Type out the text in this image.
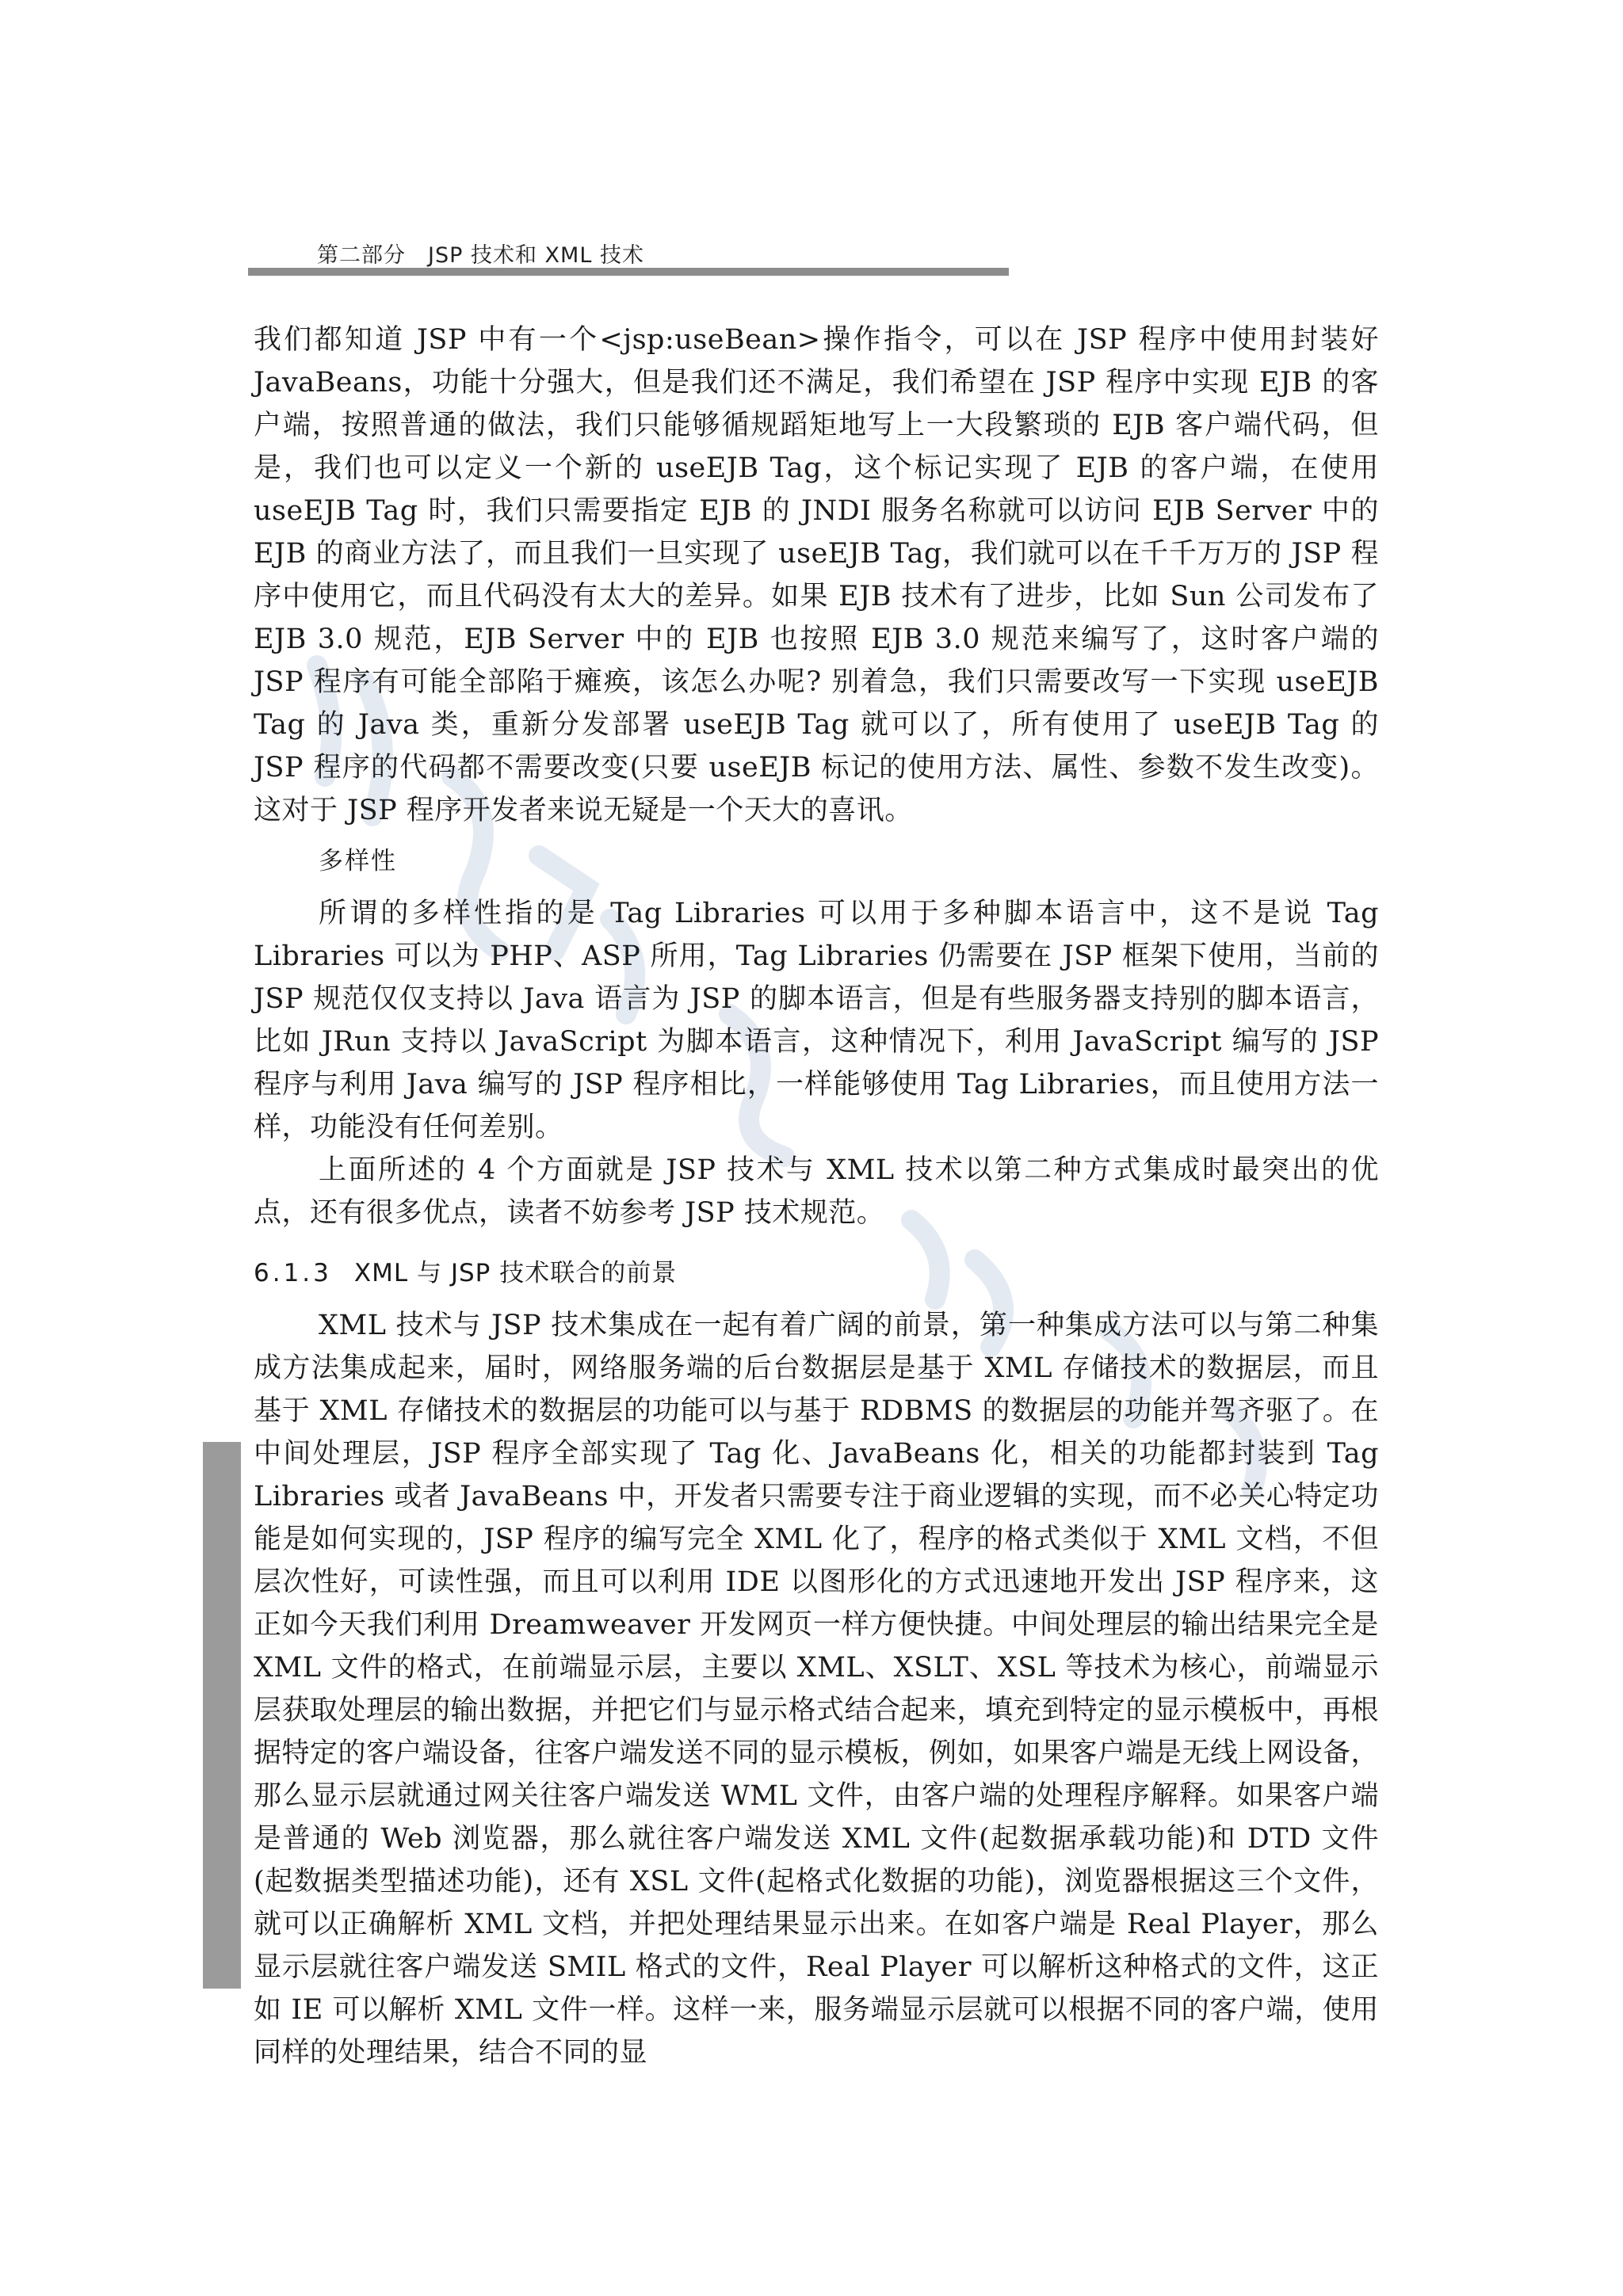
第二部分　JSP 技术和 XML 技术

我们都知道 JSP 中有一个<jsp:useBean>操作指令，可以在 JSP 程序中使用封装好 JavaBeans，功能十分强大，但是我们还不满足，我们希望在 JSP 程序中实现 EJB 的客户端，按照普通的做法，我们只能够循规蹈矩地写上一大段繁琐的 EJB 客户端代码，但是，我们也可以定义一个新的 useEJB Tag，这个标记实现了 EJB 的客户端，在使用 useEJB Tag 时，我们只需要指定 EJB 的 JNDI 服务名称就可以访问 EJB Server 中的 EJB 的商业方法了，而且我们一旦实现了 useEJB Tag，我们就可以在千千万万的 JSP 程序中使用它，而且代码没有太大的差异。如果 EJB 技术有了进步，比如 Sun 公司发布了 EJB 3.0 规范，EJB Server 中的 EJB 也按照 EJB 3.0 规范来编写了，这时客户端的 JSP 程序有可能全部陷于瘫痪，该怎么办呢? 别着急，我们只需要改写一下实现 useEJB Tag 的 Java 类，重新分发部署 useEJB Tag 就可以了，所有使用了 useEJB Tag 的 JSP 程序的代码都不需要改变(只要 useEJB 标记的使用方法、属性、参数不发生改变)。这对于 JSP 程序开发者来说无疑是一个天大的喜讯。

多样性

所谓的多样性指的是 Tag Libraries 可以用于多种脚本语言中，这不是说 Tag Libraries 可以为 PHP、ASP 所用，Tag Libraries 仍需要在 JSP 框架下使用，当前的 JSP 规范仅仅支持以 Java 语言为 JSP 的脚本语言，但是有些服务器支持别的脚本语言，比如 JRun 支持以 JavaScript 为脚本语言，这种情况下，利用 JavaScript 编写的 JSP 程序与利用 Java 编写的 JSP 程序相比，一样能够使用 Tag Libraries，而且使用方法一样，功能没有任何差别。

上面所述的 4 个方面就是 JSP 技术与 XML 技术以第二种方式集成时最突出的优点，还有很多优点，读者不妨参考 JSP 技术规范。

6.1.3 XML 与 JSP 技术联合的前景

XML 技术与 JSP 技术集成在一起有着广阔的前景，第一种集成方法可以与第二种集成方法集成起来，届时，网络服务端的后台数据层是基于 XML 存储技术的数据层，而且基于 XML 存储技术的数据层的功能可以与基于 RDBMS 的数据层的功能并驾齐驱了。在中间处理层，JSP 程序全部实现了 Tag 化、JavaBeans 化，相关的功能都封装到 Tag Libraries 或者 JavaBeans 中，开发者只需要专注于商业逻辑的实现，而不必关心特定功能是如何实现的，JSP 程序的编写完全 XML 化了，程序的格式类似于 XML 文档，不但层次性好，可读性强，而且可以利用 IDE 以图形化的方式迅速地开发出 JSP 程序来，这正如今天我们利用 Dreamweaver 开发网页一样方便快捷。中间处理层的输出结果完全是 XML 文件的格式，在前端显示层，主要以 XML、XSLT、XSL 等技术为核心，前端显示层获取处理层的输出数据，并把它们与显示格式结合起来，填充到特定的显示模板中，再根据特定的客户端设备，往客户端发送不同的显示模板，例如，如果客户端是无线上网设备，那么显示层就通过网关往客户端发送 WML 文件，由客户端的处理程序解释。如果客户端是普通的 Web 浏览器，那么就往客户端发送 XML 文件(起数据承载功能)和 DTD 文件(起数据类型描述功能)，还有 XSL 文件(起格式化数据的功能)，浏览器根据这三个文件，就可以正确解析 XML 文档，并把处理结果显示出来。在如客户端是 Real Player，那么显示层就往客户端发送 SMIL 格式的文件，Real Player 可以解析这种格式的文件，这正如 IE 可以解析 XML 文件一样。这样一来，服务端显示层就可以根据不同的客户端，使用同样的处理结果，结合不同的显
